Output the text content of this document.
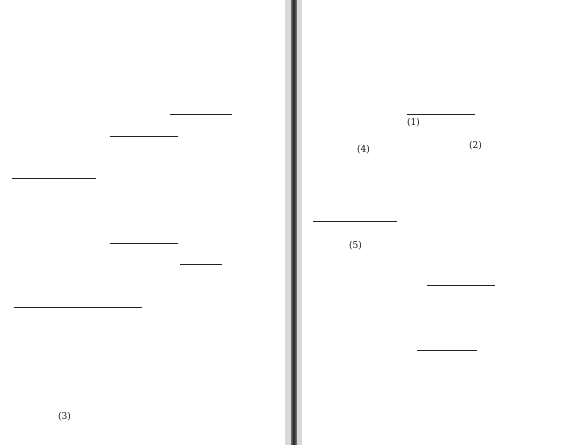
(3)
(1)
(2)
(4)
(5)
